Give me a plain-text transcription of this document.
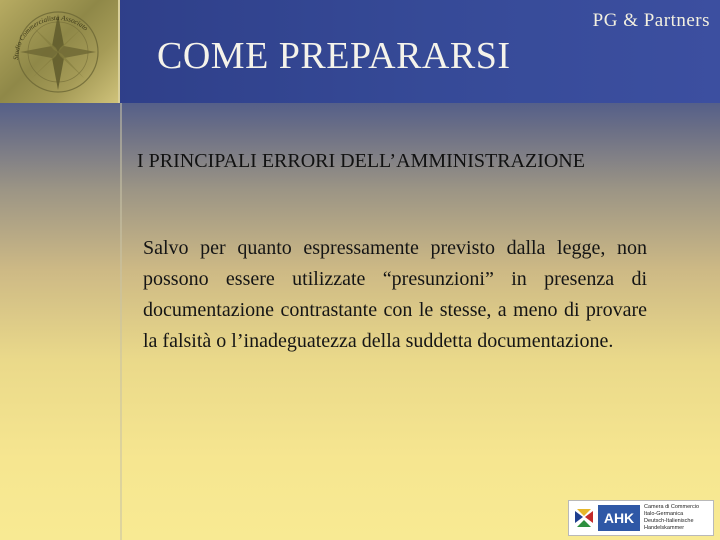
Studio Commercialista Associato	PG & Partners
COME PREPARARSI
I PRINCIPALI ERRORI DELL’AMMINISTRAZIONE

Salvo per quanto espressamente previsto dalla legge, non possono essere utilizzate “presunzioni” in presenza di documentazione contrastante con le stesse, a meno di provare la falsità o l’inadeguatezza della suddetta documentazione.

AHK
Camera di Commercio
Italo-Germanica
Deutsch-Italienische
Handelskammer
